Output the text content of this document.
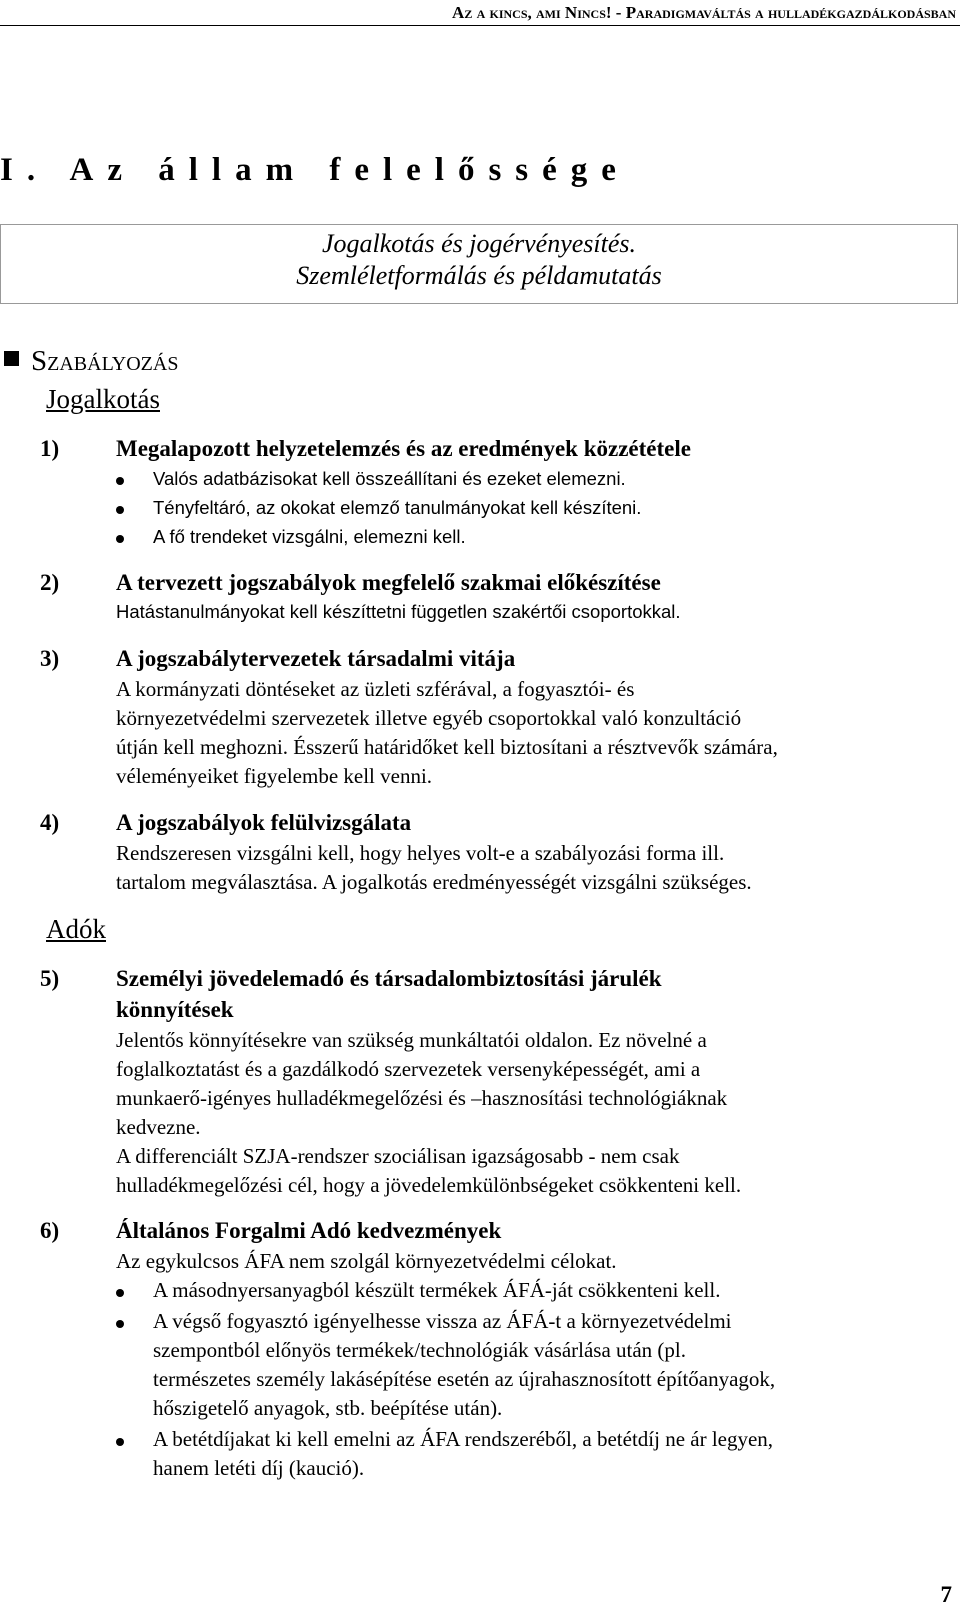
Az a kincs, ami Nincs! - Paradigmaváltás a hulladékgazdálkodásban
I. Az állam felelőssége
Jogalkotás és jogérvényesítés.
Szemléletformálás és példamutatás
Szabályozás
Jogalkotás
1) Megalapozott helyzetelemzés és az eredmények közzététele
Valós adatbázisokat kell összeállítani és ezeket elemezni.
Tényfeltáró, az okokat elemző tanulmányokat kell készíteni.
A fő trendeket vizsgálni, elemezni kell.
2) A tervezett jogszabályok megfelelő szakmai előkészítése
Hatástanulmányokat kell készíttetni független szakértői csoportokkal.
3) A jogszabálytervezetek társadalmi vitája
A kormányzati döntéseket az üzleti szférával, a fogyasztói- és
környezetvédelmi szervezetek illetve egyéb csoportokkal való konzultáció
útján kell meghozni. Ésszerű határidőket kell biztosítani a résztvevők számára,
véleményeiket figyelembe kell venni.
4) A jogszabályok felülvizsgálata
Rendszeresen vizsgálni kell, hogy helyes volt-e a szabályozási forma ill.
tartalom megválasztása. A jogalkotás eredményességét vizsgálni szükséges.
Adók
5) Személyi jövedelemadó és társadalombiztosítási járulék
könnyítések
Jelentős könnyítésekre van szükség munkáltatói oldalon. Ez növelné a
foglalkoztatást és a gazdálkodó szervezetek versenyképességét, ami a
munkaerő-igényes hulladékmegelőzési és –hasznosítási technológiáknak
kedvezne.
A differenciált SZJA-rendszer szociálisan igazságosabb - nem csak
hulladékmegelőzési cél, hogy a jövedelemkülönbségeket csökkenteni kell.
6) Általános Forgalmi Adó kedvezmények
Az egykulcsos ÁFA nem szolgál környezetvédelmi célokat.
A másodnyersanyagból készült termékek ÁFÁ-ját csökkenteni kell.
A végső fogyasztó igényelhesse vissza az ÁFÁ-t a környezetvédelmi
szempontból előnyös termékek/technológiák vásárlása után (pl.
természetes személy lakásépítése esetén az újrahasznosított építőanyagok,
hőszigetelő anyagok, stb. beépítése után).
A betétdíjakat ki kell emelni az ÁFA rendszeréből, a betétdíj ne ár legyen,
hanem letéti díj (kaució).
7
